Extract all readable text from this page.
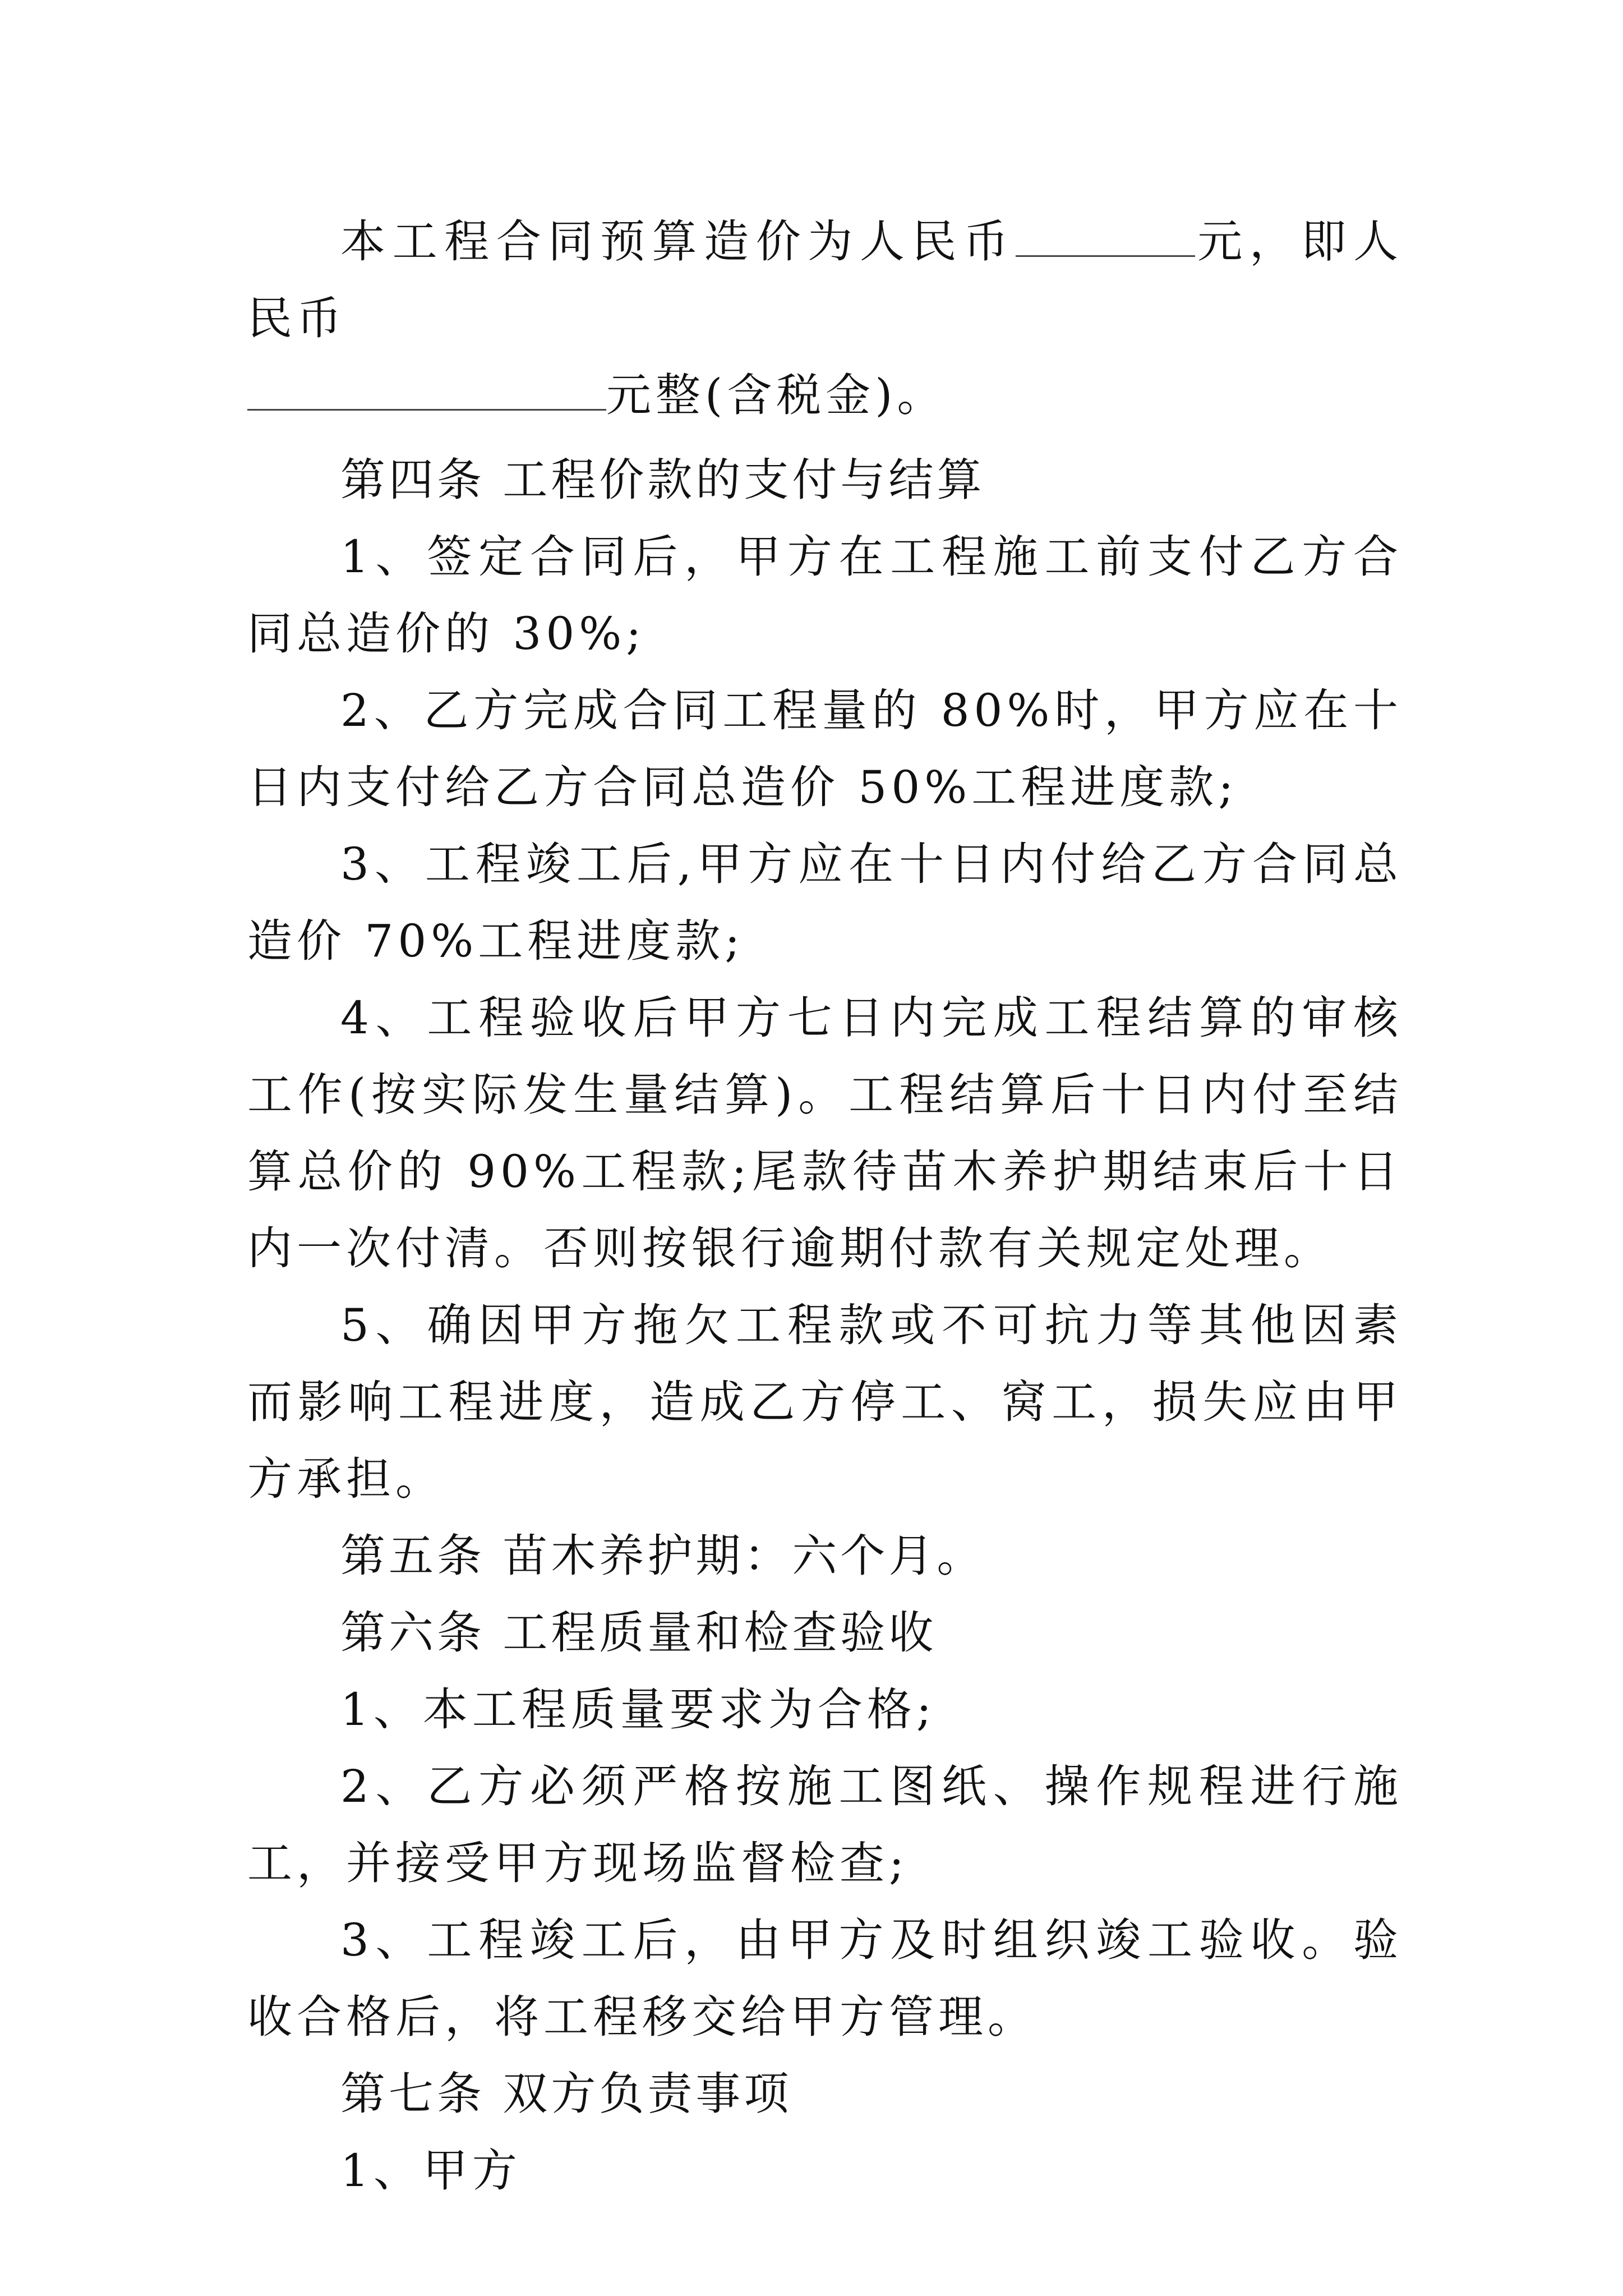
本工程合同预算造价为人民币	元，即人民币
元整(含税金)。

第四条 工程价款的支付与结算

1、签定合同后，甲方在工程施工前支付乙方合同总造价的 30%;

2、乙方完成合同工程量的 80%时，甲方应在十日内支付给乙方合同总造价 50%工程进度款;

3、工程竣工后,甲方应在十日内付给乙方合同总造价 70%工程进度款;

4、工程验收后甲方七日内完成工程结算的审核工作(按实际发生量结算)。工程结算后十日内付至结算总价的 90%工程款;尾款待苗木养护期结束后十日内一次付清。否则按银行逾期付款有关规定处理。

5、确因甲方拖欠工程款或不可抗力等其他因素而影响工程进度，造成乙方停工、窝工，损失应由甲方承担。

第五条 苗木养护期：六个月。

第六条 工程质量和检查验收

1、本工程质量要求为合格;

2、乙方必须严格按施工图纸、操作规程进行施工，并接受甲方现场监督检查;

3、工程竣工后，由甲方及时组织竣工验收。验收合格后，将工程移交给甲方管理。

第七条 双方负责事项

1、甲方
